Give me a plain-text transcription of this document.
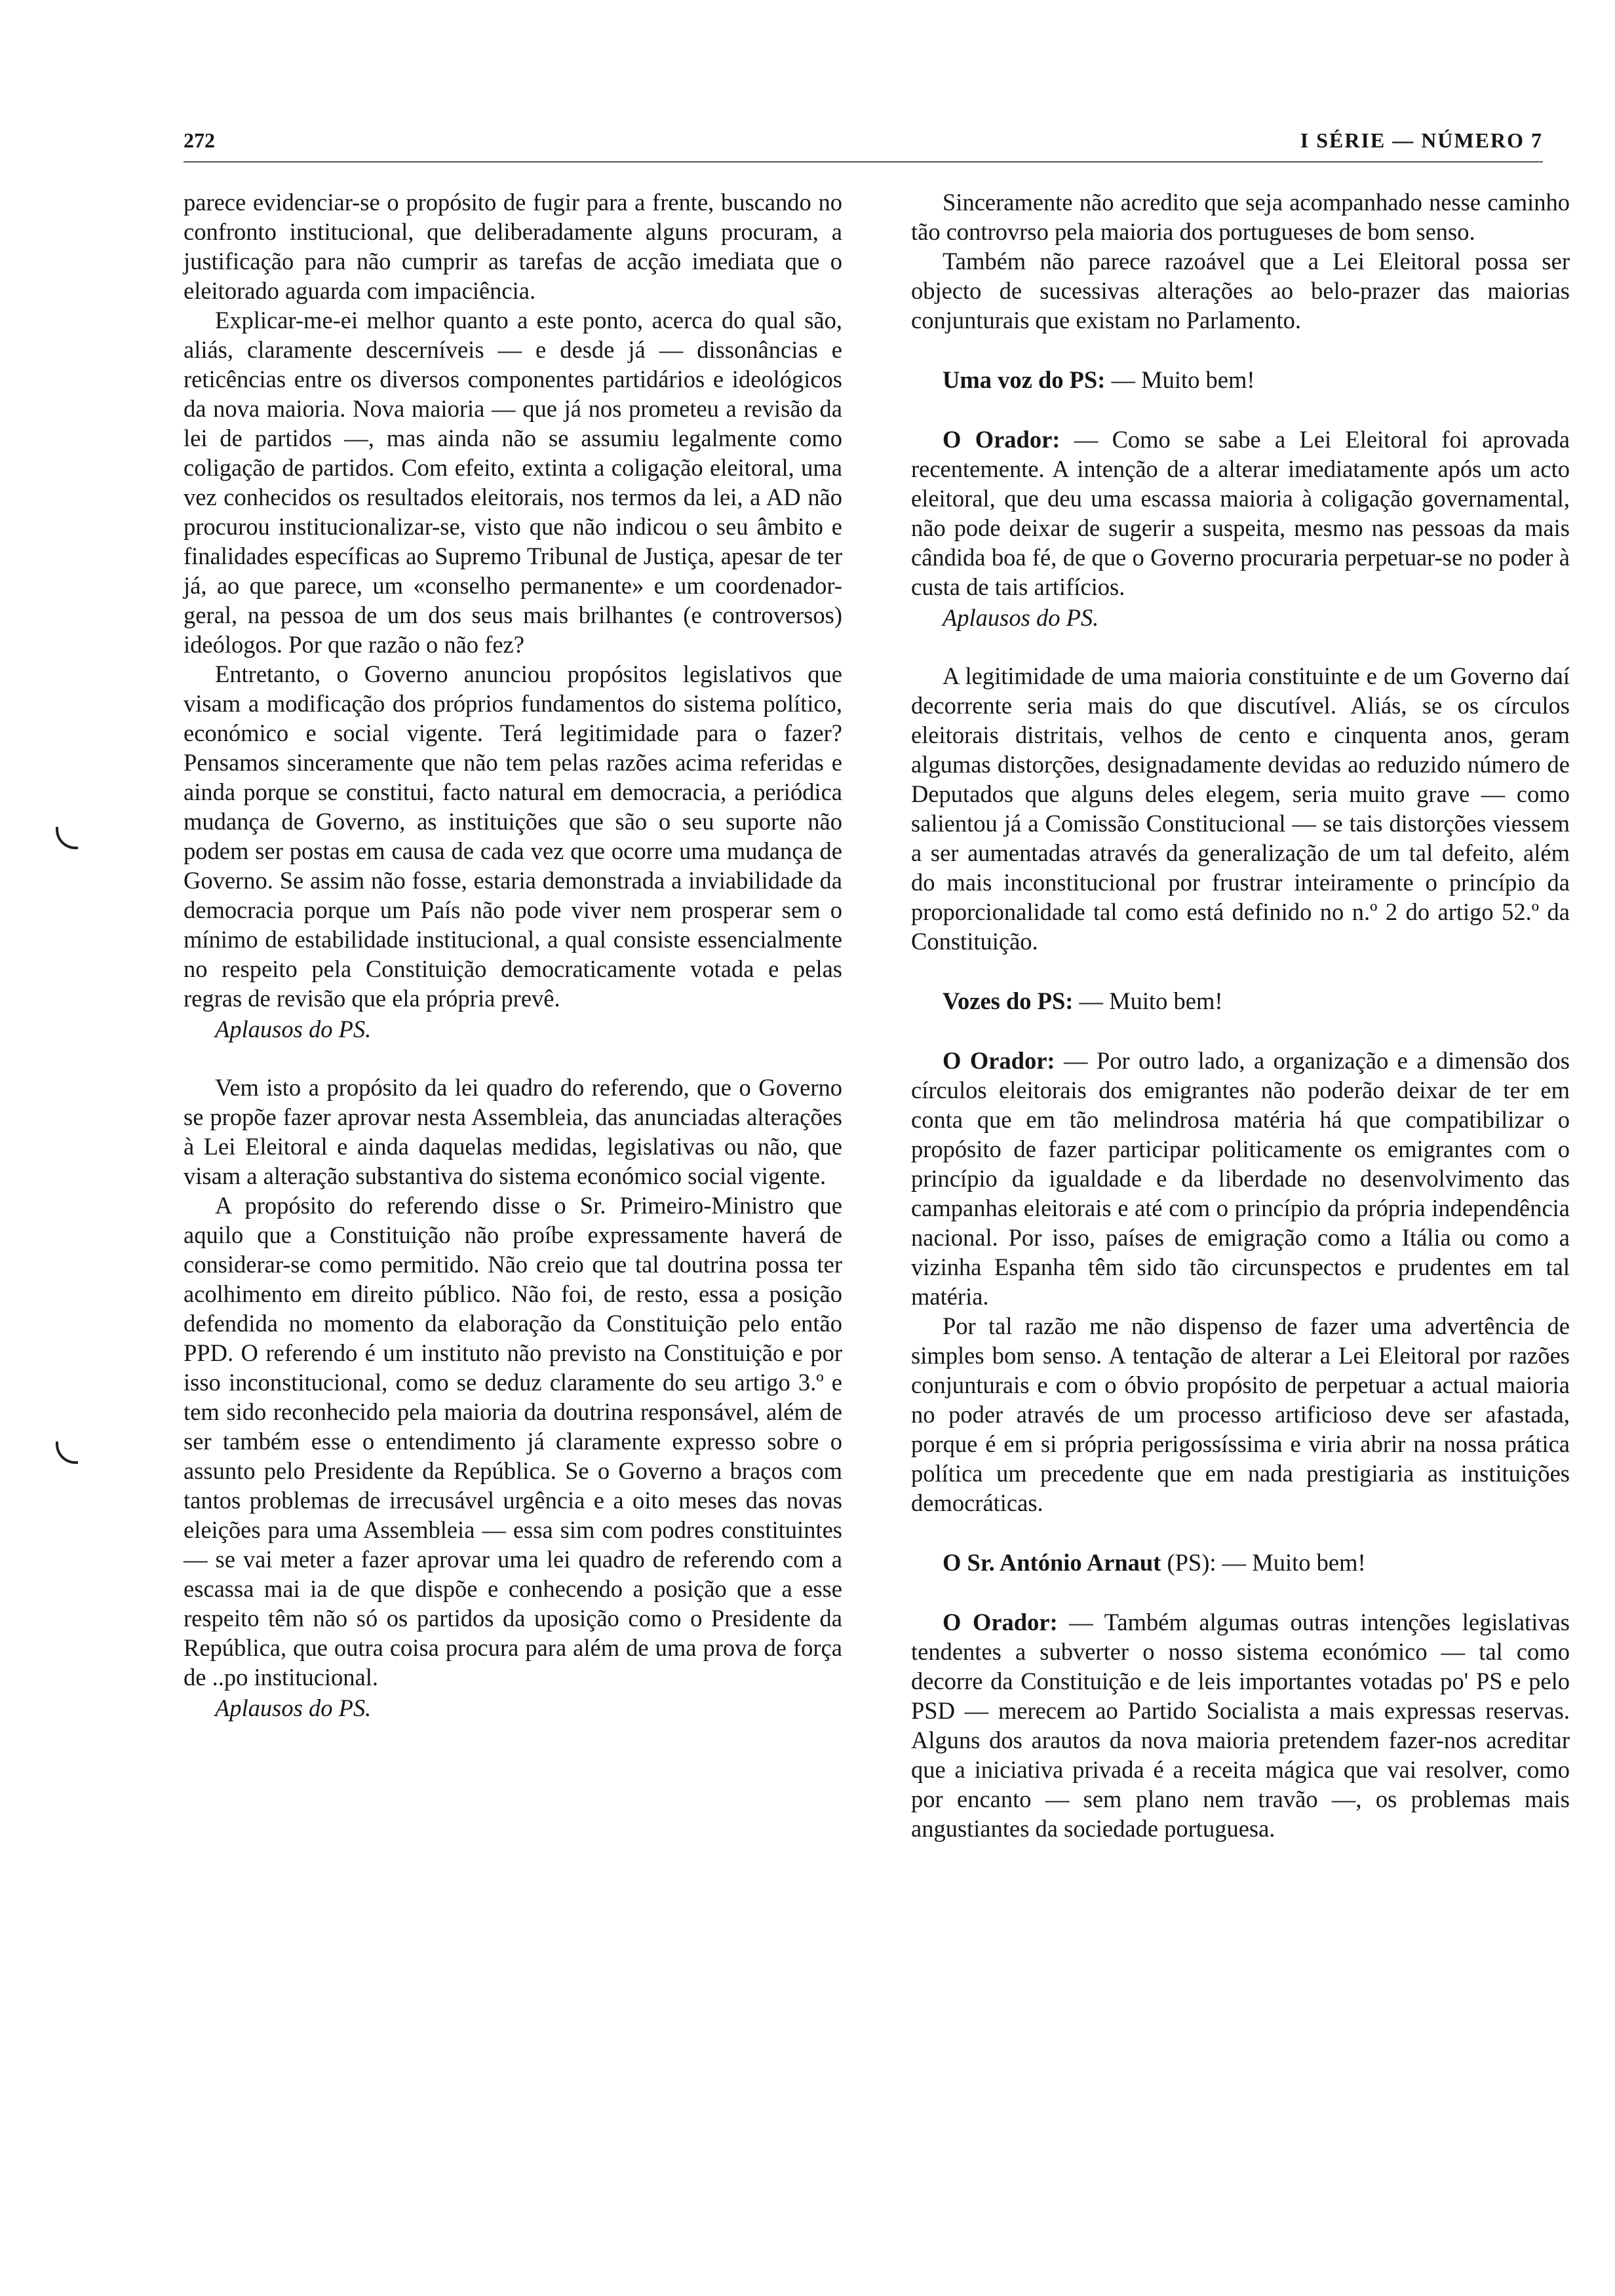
272	I SÉRIE — NÚMERO 7

parece evidenciar-se o propósito de fugir para a frente, buscando no confronto institucional, que deliberadamente alguns procuram, a justificação para não cumprir as tarefas de acção imediata que o eleitorado aguarda com impaciência.

Explicar-me-ei melhor quanto a este ponto, acerca do qual são, aliás, claramente descerníveis — e desde já — dissonâncias e reticências entre os diversos componentes partidários e ideológicos da nova maioria. Nova maioria — que já nos prometeu a revisão da lei de partidos —, mas ainda não se assumiu legalmente como coligação de partidos. Com efeito, extinta a coligação eleitoral, uma vez conhecidos os resultados eleitorais, nos termos da lei, a AD não procurou institucionalizar-se, visto que não indicou o seu âmbito e finalidades específicas ao Supremo Tribunal de Justiça, apesar de ter já, ao que parece, um «conselho permanente» e um coordenador-geral, na pessoa de um dos seus mais brilhantes (e controversos) ideólogos. Por que razão o não fez?

Entretanto, o Governo anunciou propósitos legislativos que visam a modificação dos próprios fundamentos do sistema político, económico e social vigente. Terá legitimidade para o fazer? Pensamos sinceramente que não tem pelas razões acima referidas e ainda porque se constitui, facto natural em democracia, a periódica mudança de Governo, as instituições que são o seu suporte não podem ser postas em causa de cada vez que ocorre uma mudança de Governo. Se assim não fosse, estaria demonstrada a inviabilidade da democracia porque um País não pode viver nem prosperar sem o mínimo de estabilidade institucional, a qual consiste essencialmente no respeito pela Constituição democraticamente votada e pelas regras de revisão que ela própria prevê.

Aplausos do PS.

Vem isto a propósito da lei quadro do referendo, que o Governo se propõe fazer aprovar nesta Assembleia, das anunciadas alterações à Lei Eleitoral e ainda daquelas medidas, legislativas ou não, que visam a alteração substantiva do sistema económico social vigente.

A propósito do referendo disse o Sr. Primeiro-Ministro que aquilo que a Constituição não proíbe expressamente haverá de considerar-se como permitido. Não creio que tal doutrina possa ter acolhimento em direito público. Não foi, de resto, essa a posição defendida no momento da elaboração da Constituição pelo então PPD. O referendo é um instituto não previsto na Constituição e por isso inconstitucional, como se deduz claramente do seu artigo 3.º e tem sido reconhecido pela maioria da doutrina responsável, além de ser também esse o entendimento já claramente expresso sobre o assunto pelo Presidente da República. Se o Governo a braços com tantos problemas de irrecusável urgência e a oito meses das novas eleições para uma Assembleia — essa sim com podres constituintes — se vai meter a fazer aprovar uma lei quadro de referendo com a escassa mai ia de que dispõe e conhecendo a posição que a esse respeito têm não só os partidos da uposição como o Presidente da República, que outra coisa procura para além de uma prova de força de ..po institucional.

Aplausos do PS.

Sinceramente não acredito que seja acompanhado nesse caminho tão controvrso pela maioria dos portugueses de bom senso.

Também não parece razoável que a Lei Eleitoral possa ser objecto de sucessivas alterações ao belo-prazer das maiorias conjunturais que existam no Parlamento.

Uma voz do PS: — Muito bem!

O Orador: — Como se sabe a Lei Eleitoral foi aprovada recentemente. A intenção de a alterar imediatamente após um acto eleitoral, que deu uma escassa maioria à coligação governamental, não pode deixar de sugerir a suspeita, mesmo nas pessoas da mais cândida boa fé, de que o Governo procuraria perpetuar-se no poder à custa de tais artifícios.

Aplausos do PS.

A legitimidade de uma maioria constituinte e de um Governo daí decorrente seria mais do que discutível. Aliás, se os círculos eleitorais distritais, velhos de cento e cinquenta anos, geram algumas distorções, designadamente devidas ao reduzido número de Deputados que alguns deles elegem, seria muito grave — como salientou já a Comissão Constitucional — se tais distorções viessem a ser aumentadas através da generalização de um tal defeito, além do mais inconstitucional por frustrar inteiramente o princípio da proporcionalidade tal como está definido no n.º 2 do artigo 52.º da Constituição.

Vozes do PS: — Muito bem!

O Orador: — Por outro lado, a organização e a dimensão dos círculos eleitorais dos emigrantes não poderão deixar de ter em conta que em tão melindrosa matéria há que compatibilizar o propósito de fazer participar politicamente os emigrantes com o princípio da igualdade e da liberdade no desenvolvimento das campanhas eleitorais e até com o princípio da própria independência nacional. Por isso, países de emigração como a Itália ou como a vizinha Espanha têm sido tão circunspectos e prudentes em tal matéria.

Por tal razão me não dispenso de fazer uma advertência de simples bom senso. A tentação de alterar a Lei Eleitoral por razões conjunturais e com o óbvio propósito de perpetuar a actual maioria no poder através de um processo artificioso deve ser afastada, porque é em si própria perigossíssima e viria abrir na nossa prática política um precedente que em nada prestigiaria as instituições democráticas.

O Sr. António Arnaut (PS): — Muito bem!

O Orador: — Também algumas outras intenções legislativas tendentes a subverter o nosso sistema económico — tal como decorre da Constituição e de leis importantes votadas po' PS e pelo PSD — merecem ao Partido Socialista a mais expressas reservas. Alguns dos arautos da nova maioria pretendem fazer-nos acreditar que a iniciativa privada é a receita mágica que vai resolver, como por encanto — sem plano nem travão —, os problemas mais angustiantes da sociedade portuguesa.
